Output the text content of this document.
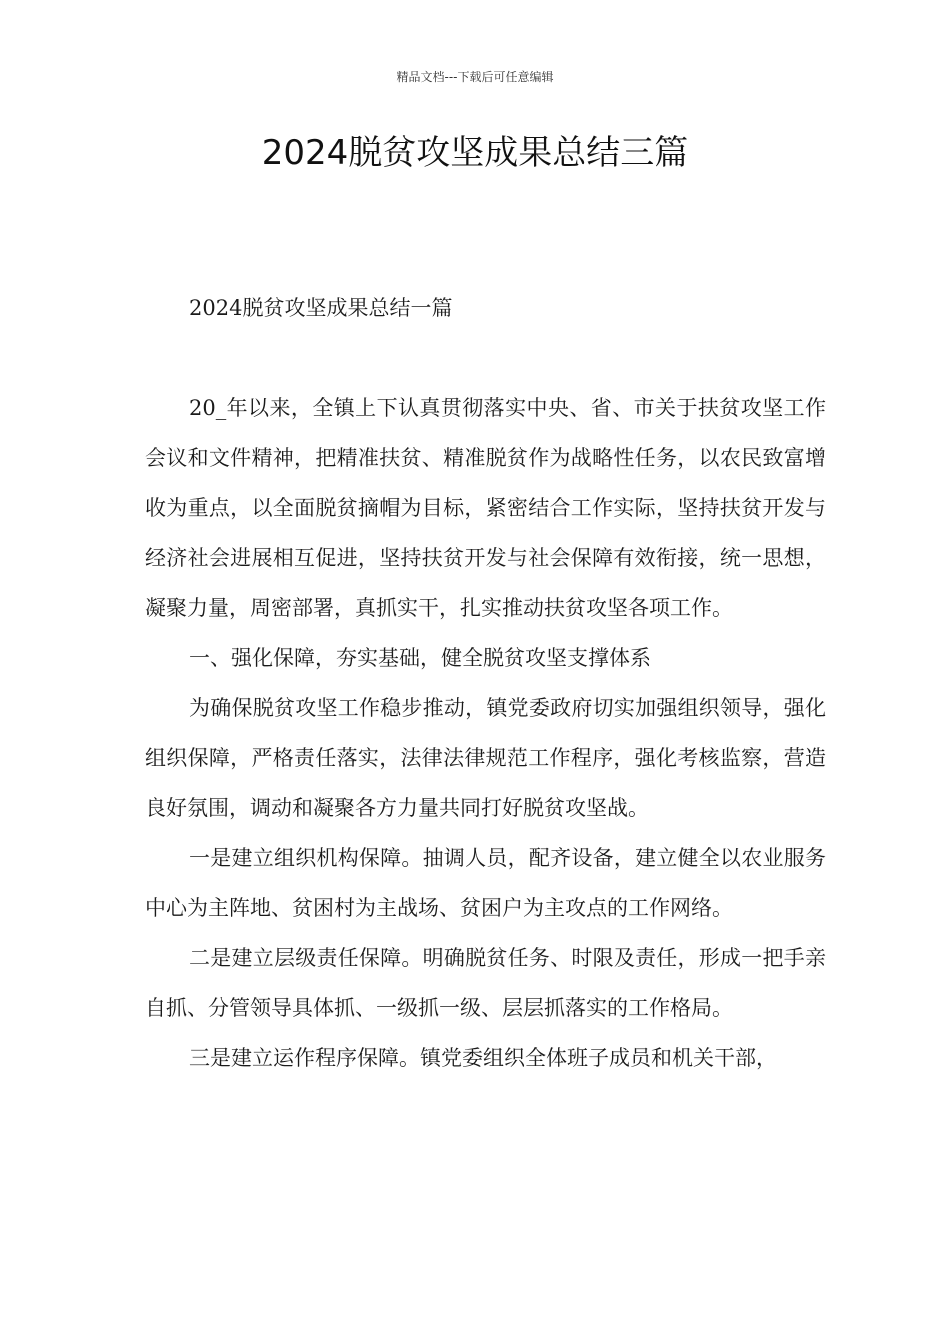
精品文档---下载后可任意编辑
2024脱贫攻坚成果总结三篇

2024脱贫攻坚成果总结一篇

20_年以来，全镇上下认真贯彻落实中央、省、市关于扶贫攻坚工作会议和文件精神，把精准扶贫、精准脱贫作为战略性任务，以农民致富增收为重点，以全面脱贫摘帽为目标，紧密结合工作实际，坚持扶贫开发与经济社会进展相互促进，坚持扶贫开发与社会保障有效衔接，统一思想，凝聚力量，周密部署，真抓实干，扎实推动扶贫攻坚各项工作。

一、强化保障，夯实基础，健全脱贫攻坚支撑体系

为确保脱贫攻坚工作稳步推动，镇党委政府切实加强组织领导，强化组织保障，严格责任落实，法律法律规范工作程序，强化考核监察，营造良好氛围，调动和凝聚各方力量共同打好脱贫攻坚战。

一是建立组织机构保障。抽调人员，配齐设备，建立健全以农业服务中心为主阵地、贫困村为主战场、贫困户为主攻点的工作网络。

二是建立层级责任保障。明确脱贫任务、时限及责任，形成一把手亲自抓、分管领导具体抓、一级抓一级、层层抓落实的工作格局。

三是建立运作程序保障。镇党委组织全体班子成员和机关干部，
